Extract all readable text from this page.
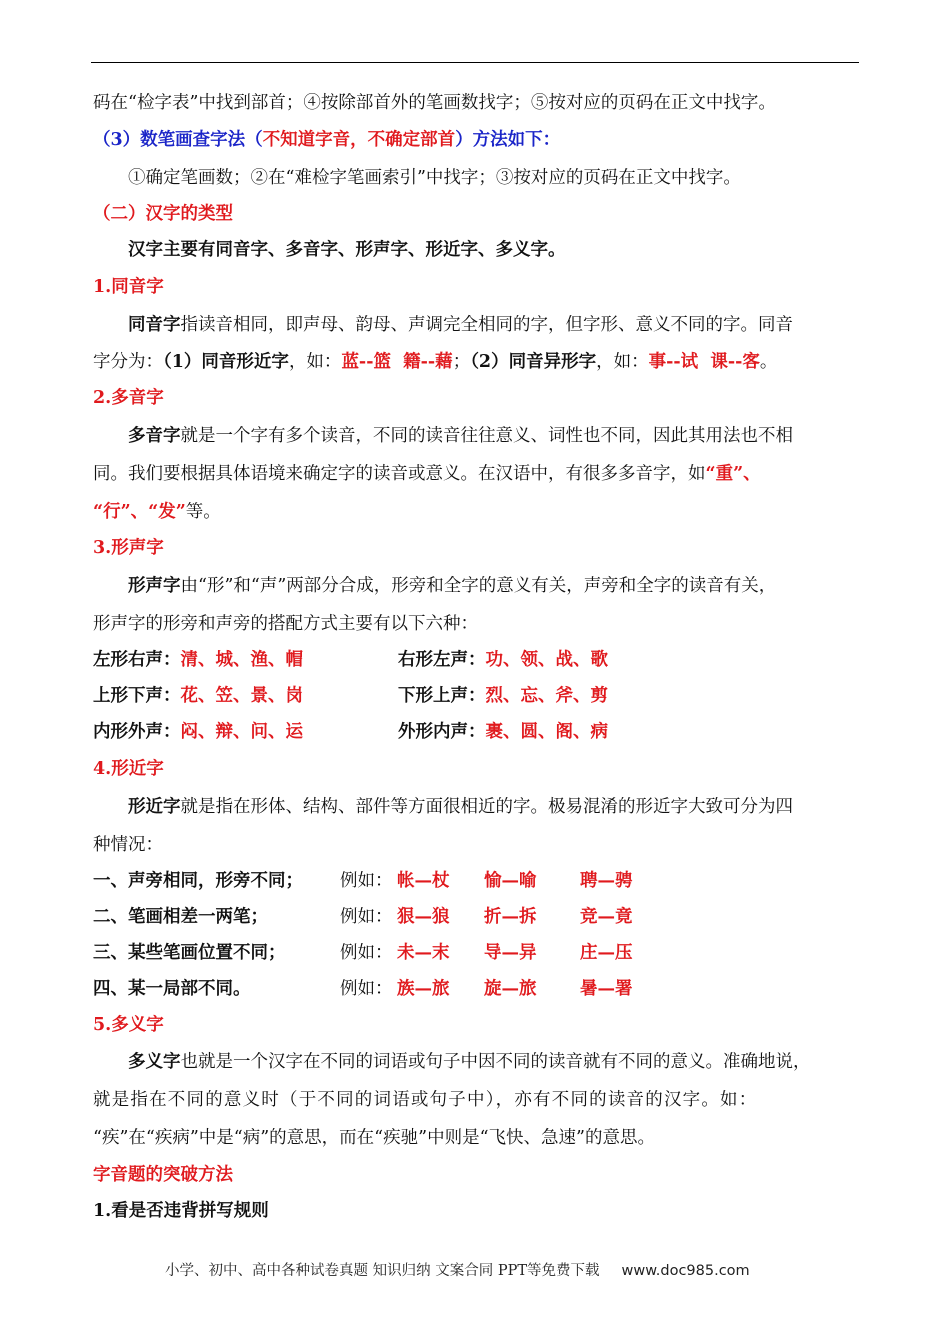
码在“检字表”中找到部首；④按除部首外的笔画数找字；⑤按对应的页码在正文中找字。
（3）数笔画查字法（不知道字音，不确定部首）方法如下：
①确定笔画数；②在“难检字笔画索引”中找字；③按对应的页码在正文中找字。
（二）汉字的类型
汉字主要有同音字、多音字、形声字、形近字、多义字。
1.同音字
同音字指读音相同，即声母、韵母、声调完全相同的字，但字形、意义不同的字。同音
字分为：（1）同音形近字，如：蓝--篮  籍--藉；（2）同音异形字，如：事--试  课--客。
2.多音字
多音字就是一个字有多个读音，不同的读音往往意义、词性也不同，因此其用法也不相
同。我们要根据具体语境来确定字的读音或意义。在汉语中，有很多多音字，如“重”、
“行”、“发”等。
3.形声字
形声字由“形”和“声”两部分合成，形旁和全字的意义有关，声旁和全字的读音有关，
形声字的形旁和声旁的搭配方式主要有以下六种：
左形右声：清、城、渔、帽	右形左声：功、领、战、歌
上形下声：花、笠、景、岗	下形上声：烈、忘、斧、剪
内形外声：闷、辩、问、运	外形内声：裹、圆、阁、病
4.形近字
形近字就是指在形体、结构、部件等方面很相近的字。极易混淆的形近字大致可分为四
种情况：
一、声旁相同，形旁不同； 例如： 帐—杖 愉—喻 聘—骋
二、笔画相差一两笔；	例如： 狠—狼 折—拆 竞—竟
三、某些笔画位置不同；	例如： 未—末 导—异 庄—压
四、某一局部不同。	例如： 族—旅 旋—旅 暑—署
5.多义字
多义字也就是一个汉字在不同的词语或句子中因不同的读音就有不同的意义。准确地说，
就是指在不同的意义时（于不同的词语或句子中），亦有不同的读音的汉字。如：
“疾”在“疾病”中是“病”的意思，而在“疾驰”中则是“飞快、急速”的意思。
字音题的突破方法
1.看是否违背拼写规则
小学、初中、高中各种试卷真题 知识归纳 文案合同 PPT等免费下载 www.doc985.com
